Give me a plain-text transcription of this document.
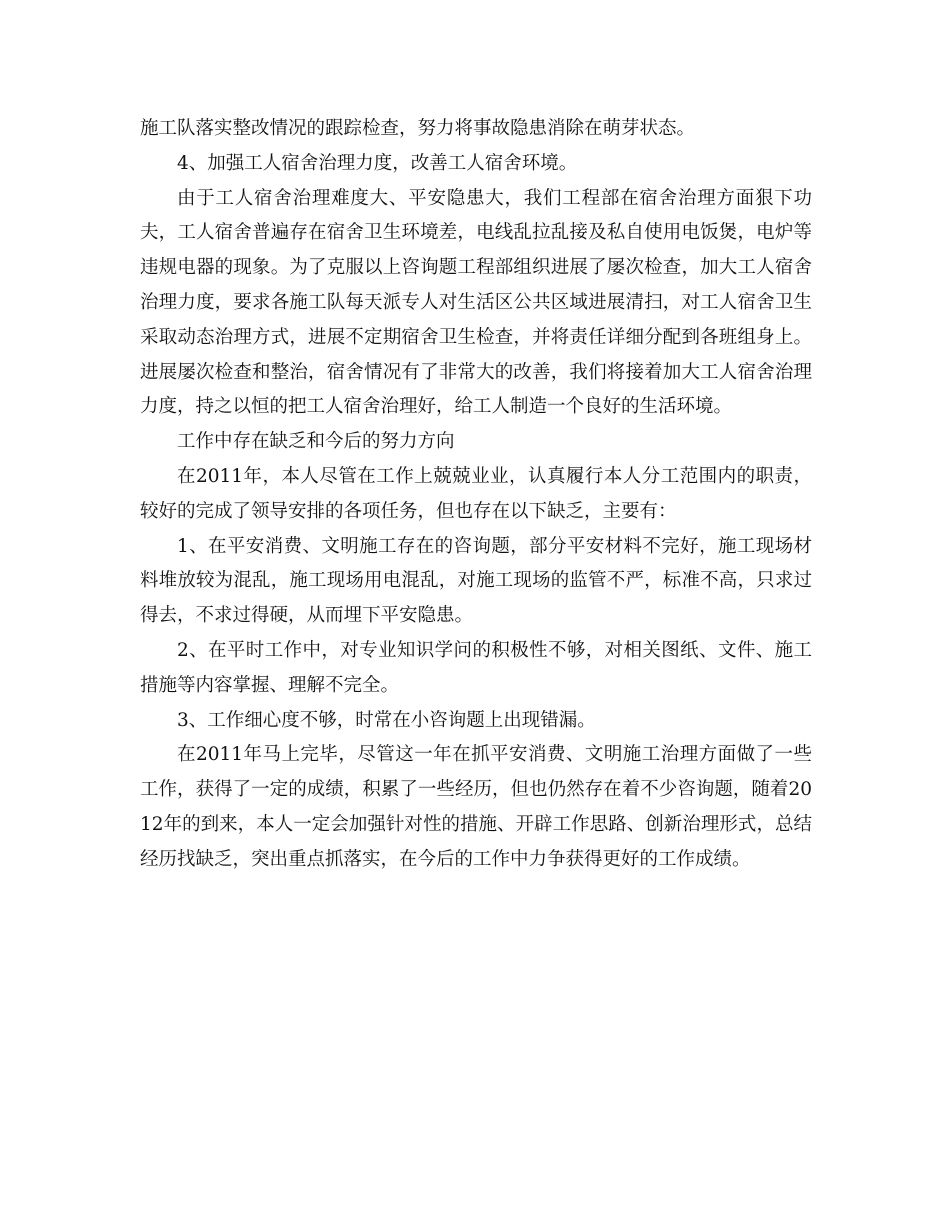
施工队落实整改情况的跟踪检查，努力将事故隐患消除在萌芽状态。

4、加强工人宿舍治理力度，改善工人宿舍环境。

由于工人宿舍治理难度大、平安隐患大，我们工程部在宿舍治理方面狠下功夫，工人宿舍普遍存在宿舍卫生环境差，电线乱拉乱接及私自使用电饭煲，电炉等违规电器的现象。为了克服以上咨询题工程部组织进展了屡次检查，加大工人宿舍治理力度，要求各施工队每天派专人对生活区公共区域进展清扫，对工人宿舍卫生采取动态治理方式，进展不定期宿舍卫生检查，并将责任详细分配到各班组身上。进展屡次检查和整治，宿舍情况有了非常大的改善，我们将接着加大工人宿舍治理力度，持之以恒的把工人宿舍治理好，给工人制造一个良好的生活环境。

工作中存在缺乏和今后的努力方向

在2011年，本人尽管在工作上兢兢业业，认真履行本人分工范围内的职责，较好的完成了领导安排的各项任务，但也存在以下缺乏，主要有：

1、在平安消费、文明施工存在的咨询题，部分平安材料不完好，施工现场材料堆放较为混乱，施工现场用电混乱，对施工现场的监管不严，标准不高，只求过得去，不求过得硬，从而埋下平安隐患。

2、在平时工作中，对专业知识学问的积极性不够，对相关图纸、文件、施工措施等内容掌握、理解不完全。

3、工作细心度不够，时常在小咨询题上出现错漏。

在2011年马上完毕，尽管这一年在抓平安消费、文明施工治理方面做了一些工作，获得了一定的成绩，积累了一些经历，但也仍然存在着不少咨询题，随着2012年的到来，本人一定会加强针对性的措施、开辟工作思路、创新治理形式，总结经历找缺乏，突出重点抓落实，在今后的工作中力争获得更好的工作成绩。
